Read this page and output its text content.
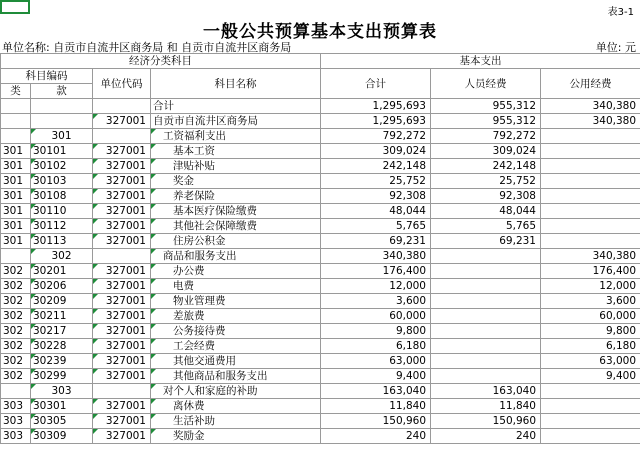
表3-1
一般公共预算基本支出预算表
单位名称: 自贡市自流井区商务局 和 自贡市自流井区商务局	单位: 元
经济分类科目				基本支出		
科目编码		单位代码	科目名称	合计	人员经费	公用经费
类	款					
			合计	1,295,693	955,312	340,380
		327001	自贡市自流井区商务局	1,295,693	955,312	340,380
	301		工资福利支出	792,272	792,272	
301	30101	327001	基本工资	309,024	309,024	
301	30102	327001	津贴补贴	242,148	242,148	
301	30103	327001	奖金	25,752	25,752	
301	30108	327001	养老保险	92,308	92,308	
301	30110	327001	基本医疗保险缴费	48,044	48,044	
301	30112	327001	其他社会保障缴费	5,765	5,765	
301	30113	327001	住房公积金	69,231	69,231	
	302		商品和服务支出	340,380		340,380
302	30201	327001	办公费	176,400		176,400
302	30206	327001	电费	12,000		12,000
302	30209	327001	物业管理费	3,600		3,600
302	30211	327001	差旅费	60,000		60,000
302	30217	327001	公务接待费	9,800		9,800
302	30228	327001	工会经费	6,180		6,180
302	30239	327001	其他交通费用	63,000		63,000
302	30299	327001	其他商品和服务支出	9,400		9,400
	303		对个人和家庭的补助	163,040	163,040	
303	30301	327001	离休费	11,840	11,840	
303	30305	327001	生活补助	150,960	150,960	
303	30309	327001	奖励金	240	240	
